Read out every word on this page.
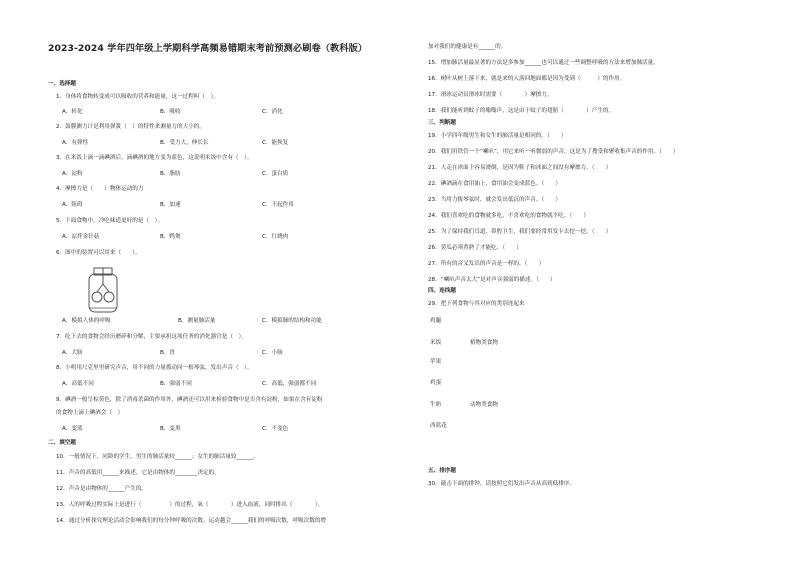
2023-2024 学年四年级上学期科学高频易错期末考前预测必刷卷（教科版）
一、选择题
1．身体将食物转变成可以吸收的营养和能量，这一过程叫（　）。
A．转化	B．吸收	C．消化
2．鼓膜测力计是利用弹簧（　）的特性来测量力的大小的。
A．有弹性	B．受力大，伸长长	C．能恢复
3．在米饭上滴一滴碘酒后，滴碘酒的地方变为蓝色，这说明米饭中含有（　）。
A．淀粉	B．脂肪	C．蛋白质
4．摩擦力是（　　）物体运动的力
A．阻碍	B．加速	C．不起作用
5．下面食物中，冷吃味道更好的是（　）。
A．凉拌金针菇	B．鸭煲	C．红烧肉
6．图中的装置可以用来（　　）。
A．模拟人体的呼吸	B．测量肺活量	C．模拟肺的结构和功能
7．吃下去的食物会经历磨碎和分解，主要承担这项任务的消化器官是（　）。
A．大肠	B．胃	C．小肠
8．小明用尺克里里研究声音，用不同的力量拨动同一根琴弦，发出声音（　）。
A．高低不同	B．强弱不同	C．高低，强弱都不同
9．碘酒一般呈棕黄色，除了消毒杀菌的作用外，碘酒还可以用来检验食物中是否含有淀粉，如果在含有淀粉
的食物上滴上碘酒会（　）
A．变蓝	B．变黑	C．不变色
二、填空题
10．一般情况下，同龄的学生，男生的肺活量较______；女生的肺活量较______。
11．声音的高低用______来描述，它是由物体的________决定的。
12．声音是由物体的______产生的。
13．人的呼吸过程实际上是进行（　　　　　）的过程，氧（　　　　）进入血液，同时排出（　　　　）。
14．通过分析探究理论活动会影响我们的每分钟呼吸的次数，运动越会______我们的呼吸次数，呼吸次数的增
加对我们的健康是有______的。
15．增加肺活量最显著的方法是多参加______也可以通过一些调整呼吸的方法来增加肺活量。
16．树叶从树上落下来，就是来的人落回地面都是因为受到（　　　）的作用。
17．滑冰运动员滑冰时需要（　　　　）摩擦力。
18．我们能听到蚊子的嗡嗡声，这是由于蚊子的翅膀（　　　　）产生的。
三、判断题
19．小学四年级男生和女生的肺活量是相同的。（　　）
20．我们用铁管一个“喇叭”，用它来听一听微弱的声音，这是为了搜受和聚收集声音的作用。（　　）
21．人走在冰面上容易滑倒，是因为鞋子和冰面之间没有摩擦力。（　　）
22．碘酒滴在食用油上，食用油会变成蓝色。（　　）
23．当用力拨琴弦时，就会发出低沉的声音。（　　）
24．我们喜欢吃的食物就多吃，不喜欢吃的食物就不吃。（　　）
25．为了保持我们耳道、鼻腔卫生，我们要经常用发卡去挖一挖。（　　）
26．黄瓜必须煮熟了才能吃。（　　）
27．所有的音叉发出的声音是一样的。（　　）
28．“喇叭声音太大”是对声音强弱的描述。（　　）
四、连线题
29．把下列食物与其对应的类别连起来
鸡腿
米饭	植物类食物
苹果
鸡蛋
牛奶	动物类食物
西蓝花
五、排序题
30．敲击下面的排钟，请按照它们发出声音从高到低排序。
